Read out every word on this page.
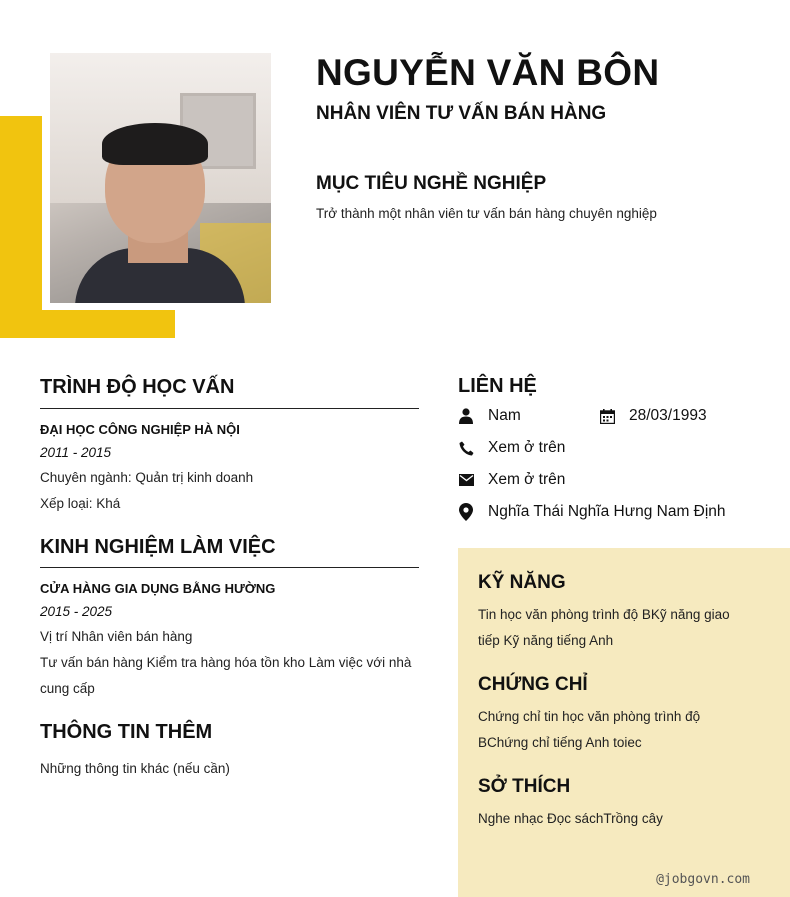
NGUYỄN VĂN BÔN
NHÂN VIÊN TƯ VẤN BÁN HÀNG
MỤC TIÊU NGHỀ NGHIỆP
Trở thành một nhân viên tư vấn bán hàng chuyên nghiệp
TRÌNH ĐỘ HỌC VẤN
ĐẠI HỌC CÔNG NGHIỆP HÀ NỘI
2011 - 2015
Chuyên ngành: Quản trị kinh doanh
Xếp loại: Khá
KINH NGHIỆM LÀM VIỆC
CỬA HÀNG GIA DỤNG BẰNG HƯỜNG
2015 - 2025
Vị trí Nhân viên bán hàng
Tư vấn bán hàng Kiểm tra hàng hóa tồn kho Làm việc với nhà cung cấp
THÔNG TIN THÊM
Những thông tin khác (nếu cần)
LIÊN HỆ
Nam	28/03/1993
Xem ở trên
Xem ở trên
Nghĩa Thái Nghĩa Hưng Nam Định
KỸ NĂNG
Tin học văn phòng trình độ BKỹ năng giao tiếp Kỹ năng tiếng Anh
CHỨNG CHỈ
Chứng chỉ tin học văn phòng trình độ BChứng chỉ tiếng Anh toiec
SỞ THÍCH
Nghe nhạc Đọc sáchTrồng cây
@jobgovn.com
